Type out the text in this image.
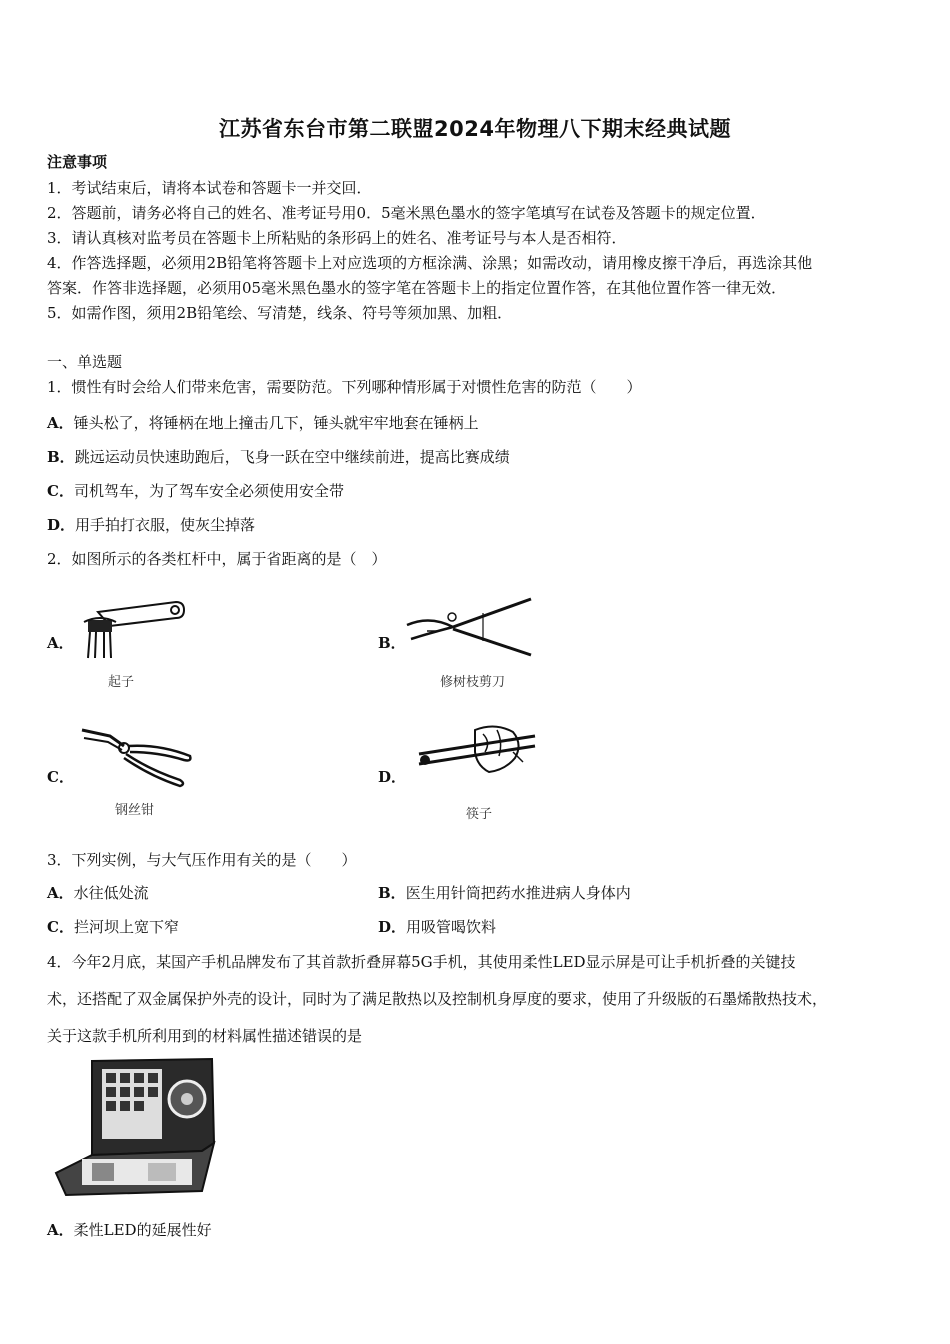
江苏省东台市第二联盟2024年物理八下期末经典试题
注意事项
1．考试结束后，请将本试卷和答题卡一并交回．
2．答题前，请务必将自己的姓名、准考证号用0．5毫米黑色墨水的签字笔填写在试卷及答题卡的规定位置．
3．请认真核对监考员在答题卡上所粘贴的条形码上的姓名、准考证号与本人是否相符．
4．作答选择题，必须用2B铅笔将答题卡上对应选项的方框涂满、涂黑；如需改动，请用橡皮擦干净后，再选涂其他
答案．作答非选择题，必须用05毫米黑色墨水的签字笔在答题卡上的指定位置作答，在其他位置作答一律无效．
5．如需作图，须用2B铅笔绘、写清楚，线条、符号等须加黑、加粗．
一、单选题
1．惯性有时会给人们带来危害，需要防范。下列哪种情形属于对惯性危害的防范（　　）
A．锤头松了，将锤柄在地上撞击几下，锤头就牢牢地套在锤柄上
B．跳远运动员快速助跑后，飞身一跃在空中继续前进，提高比赛成绩
C．司机驾车，为了驾车安全必须使用安全带
D．用手拍打衣服，使灰尘掉落
2．如图所示的各类杠杆中，属于省距离的是（　）
A．
起子
B．
修树枝剪刀
C．
钢丝钳
D．
筷子
3．下列实例，与大气压作用有关的是（　　）
A．水往低处流	B．医生用针筒把药水推进病人身体内
C．拦河坝上宽下窄	D．用吸管喝饮料
4．今年2月底，某国产手机品牌发布了其首款折叠屏幕5G手机，其使用柔性LED显示屏是可让手机折叠的关键技
术，还搭配了双金属保护外壳的设计，同时为了满足散热以及控制机身厚度的要求，使用了升级版的石墨烯散热技术，
关于这款手机所利用到的材料属性描述错误的是
A．柔性LED的延展性好
